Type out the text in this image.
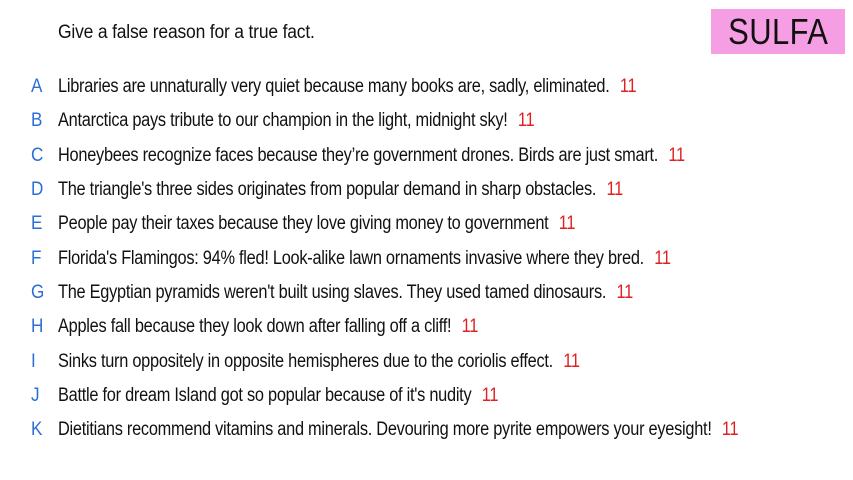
Give a false reason for a true fact.	SULFA
A Libraries are unnaturally very quiet because many books are, sadly, eliminated. 11
B Antarctica pays tribute to our champion in the light, midnight sky! 11
C Honeybees recognize faces because they’re government drones. Birds are just smart. 11
D The triangle's three sides originates from popular demand in sharp obstacles. 11
E People pay their taxes because they love giving money to government 11
F Florida's Flamingos: 94% fled! Look-alike lawn ornaments invasive where they bred. 11
G The Egyptian pyramids weren't built using slaves. They used tamed dinosaurs. 11
H Apples fall because they look down after falling off a cliff! 11
I	Sinks turn oppositely in opposite hemispheres due to the coriolis effect. 11
J Battle for dream Island got so popular because of it's nudity 11
K Dietitians recommend vitamins and minerals. Devouring more pyrite empowers your eyesight! 11
